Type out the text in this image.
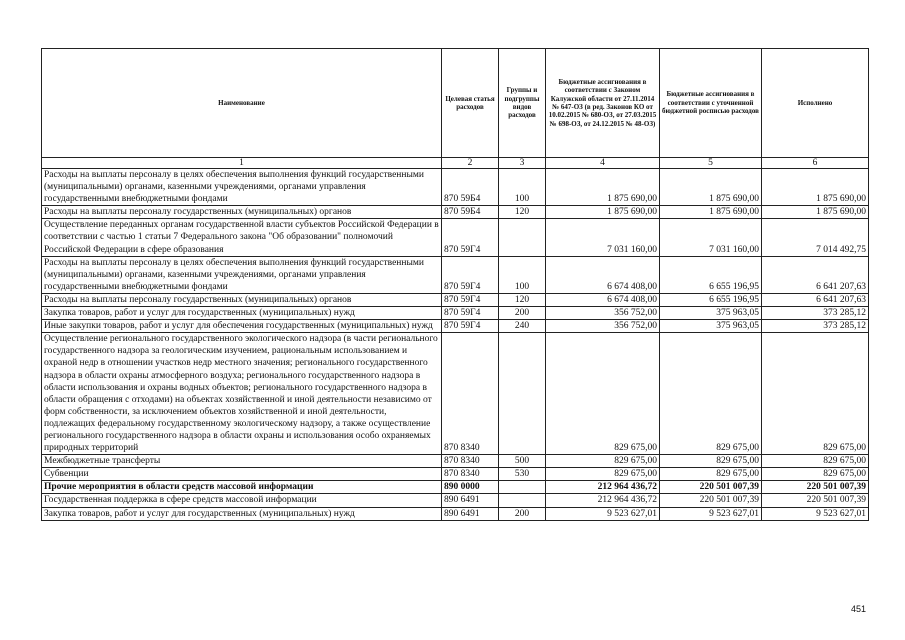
Наименование	Целевая статья расходов	Группы и подгруппы видов расходов	Бюджетные ассигнования в соответствии с Законом Калужской области от 27.11.2014 № 647-ОЗ (в ред. Законов КО от 10.02.2015 № 680-ОЗ, от 27.03.2015 № 698-ОЗ, от 24.12.2015 № 48-ОЗ)	Бюджетные ассигнования в соответствии с уточненной бюджетной росписью расходов	Исполнено
1	2	3	4	5	6
Расходы на выплаты персоналу в целях обеспечения выполнения функций государственными (муниципальными) органами, казенными учреждениями, органами управления государственными внебюджетными фондами	870 59Б4	100	1 875 690,00	1 875 690,00	1 875 690,00
Расходы на выплаты персоналу государственных (муниципальных) органов	870 59Б4	120	1 875 690,00	1 875 690,00	1 875 690,00
Осуществление переданных органам государственной власти субъектов Российской Федерации в соответствии с частью 1 статьи 7 Федерального закона "Об образовании" полномочий Российской Федерации в сфере образования	870 59Г4		7 031 160,00	7 031 160,00	7 014 492,75
Расходы на выплаты персоналу в целях обеспечения выполнения функций государственными (муниципальными) органами, казенными учреждениями, органами управления государственными внебюджетными фондами	870 59Г4	100	6 674 408,00	6 655 196,95	6 641 207,63
Расходы на выплаты персоналу государственных (муниципальных) органов	870 59Г4	120	6 674 408,00	6 655 196,95	6 641 207,63
Закупка товаров, работ и услуг для государственных (муниципальных) нужд	870 59Г4	200	356 752,00	375 963,05	373 285,12
Иные закупки товаров, работ и услуг для обеспечения государственных (муниципальных) нужд	870 59Г4	240	356 752,00	375 963,05	373 285,12
Осуществление регионального государственного экологического надзора (в части регионального государственного надзора за геологическим изучением, рациональным использованием и охраной недр в отношении участков недр местного значения; регионального государственного надзора в области охраны атмосферного воздуха; регионального государственного надзора в области использования и охраны водных объектов; регионального государственного надзора в области обращения с отходами) на объектах хозяйственной и иной деятельности независимо от форм собственности, за исключением объектов хозяйственной и иной деятельности, подлежащих федеральному государственному экологическому надзору, а также осуществление регионального государственного надзора в области охраны и использования особо охраняемых природных территорий	870 8340		829 675,00	829 675,00	829 675,00
Межбюджетные трансферты	870 8340	500	829 675,00	829 675,00	829 675,00
Субвенции	870 8340	530	829 675,00	829 675,00	829 675,00
Прочие мероприятия в области средств массовой информации	890 0000		212 964 436,72	220 501 007,39	220 501 007,39
Государственная поддержка в сфере средств массовой информации	890 6491		212 964 436,72	220 501 007,39	220 501 007,39
Закупка товаров, работ и услуг для государственных (муниципальных) нужд	890 6491	200	9 523 627,01	9 523 627,01	9 523 627,01
451
